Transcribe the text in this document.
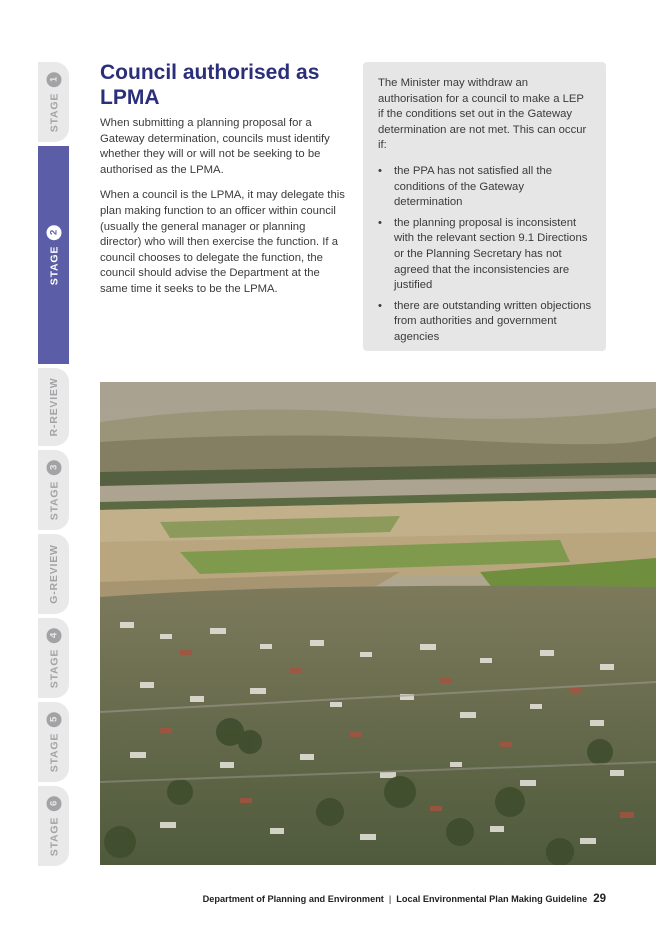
STAGE
1
STAGE
2
R-REVIEW
STAGE
3
G-REVIEW
STAGE
4
STAGE
5
STAGE
6
Council authorised as LPMA

When submitting a planning proposal for a Gateway determination, councils must identify whether they will or will not be seeking to be authorised as the LPMA.

When a council is the LPMA, it may delegate this plan making function to an officer within council (usually the general manager or planning director) who will then exercise the function. If a council chooses to delegate the function, the council should advise the Department at the same time it seeks to be the LPMA.

The Minister may withdraw an authorisation for a council to make a LEP if the conditions set out in the Gateway determination are not met. This can occur if:

• the PPA has not satisfied all the conditions of the Gateway determination
• the planning proposal is inconsistent with the relevant section 9.1 Directions or the Planning Secretary has not agreed that the inconsistencies are justified
• there are outstanding written objections from authorities and government agencies
Department of Planning and Environment | Local Environmental Plan Making Guideline 29
